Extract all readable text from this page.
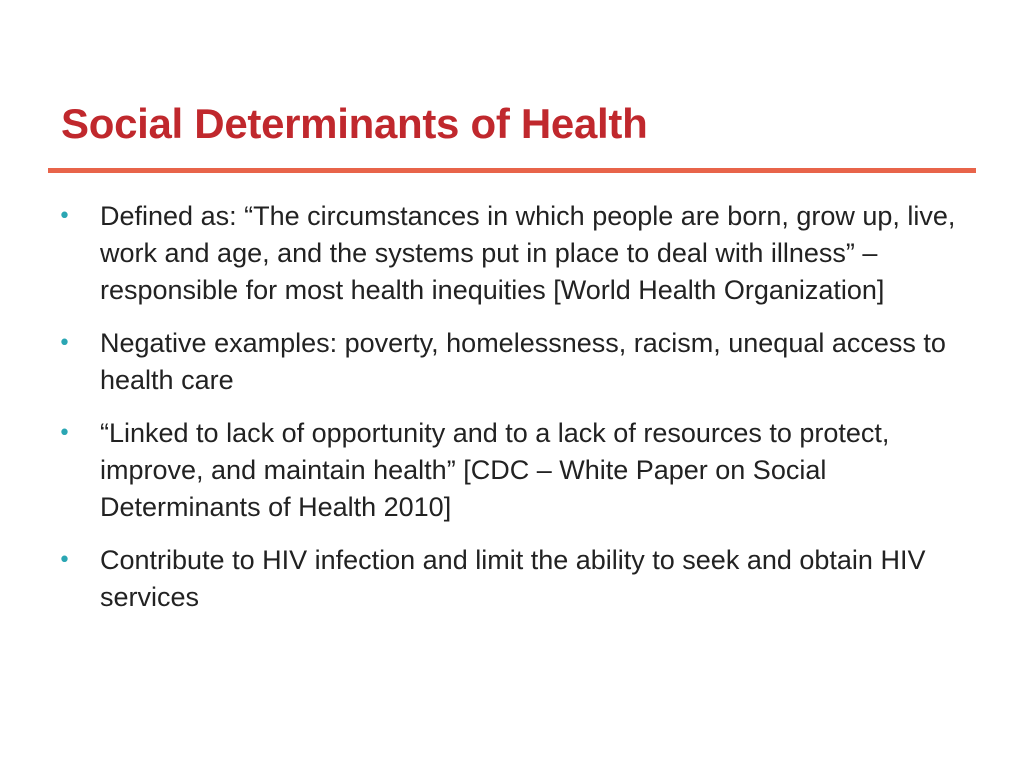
Social Determinants of Health
• Defined as: “The circumstances in which people are born, grow up, live, work and age, and the systems put in place to deal with illness” – responsible for most health inequities [World Health Organization]
• Negative examples: poverty, homelessness, racism, unequal access to health care
• “Linked to lack of opportunity and to a lack of resources to protect, improve, and maintain health” [CDC – White Paper on Social Determinants of Health 2010]
• Contribute to HIV infection and limit the ability to seek and obtain HIV services
